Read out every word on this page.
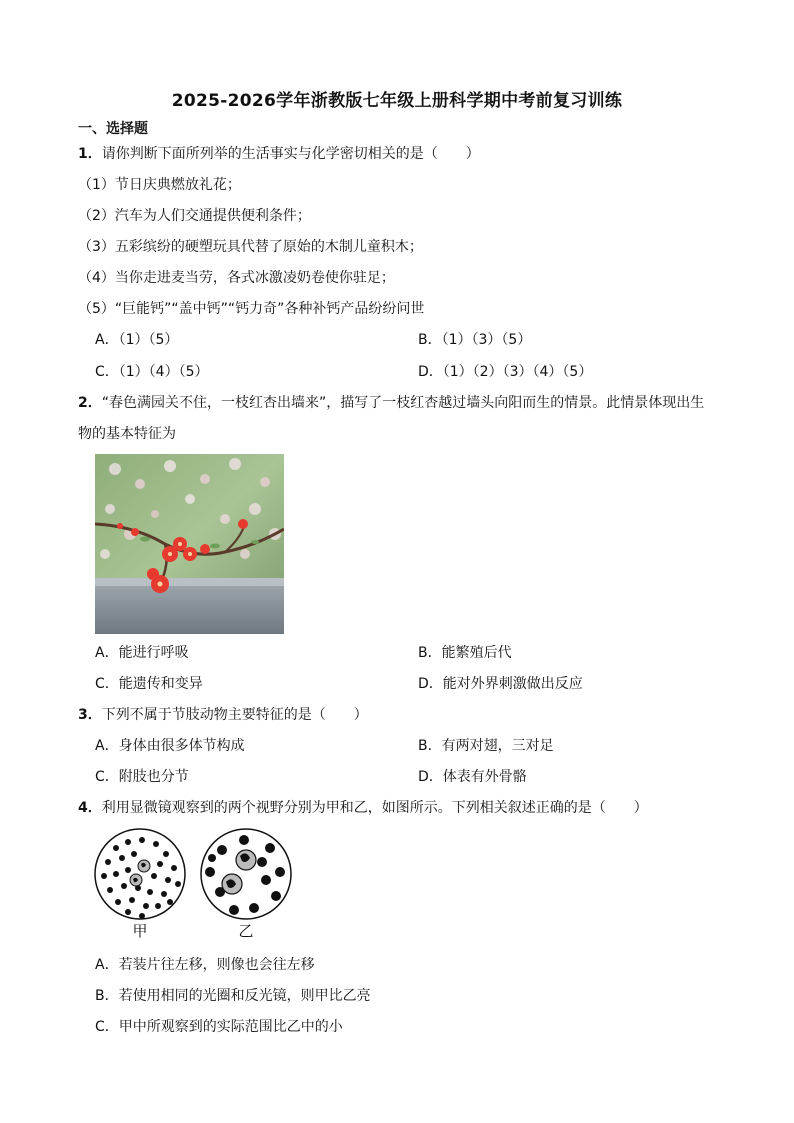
2025-2026学年浙教版七年级上册科学期中考前复习训练
一、选择题
1．请你判断下面所列举的生活事实与化学密切相关的是（　　）
（1）节日庆典燃放礼花；
（2）汽车为人们交通提供便利条件；
（3）五彩缤纷的硬塑玩具代替了原始的木制儿童积木；
（4）当你走进麦当劳，各式冰激凌奶卷使你驻足；
（5）“巨能钙”“盖中钙”“钙力奇”各种补钙产品纷纷问世
A．（1）（5）	B．（1）（3）（5）
C．（1）（4）（5）	D．（1）（2）（3）（4）（5）
2．“春色满园关不住，一枝红杏出墙来”，描写了一枝红杏越过墙头向阳而生的情景。此情景体现出生
物的基本特征为
A．能进行呼吸	B．能繁殖后代
C．能遗传和变异	D．能对外界刺激做出反应
3．下列不属于节肢动物主要特征的是（　　）
A．身体由很多体节构成	B．有两对翅，三对足
C．附肢也分节	D．体表有外骨骼
4．利用显微镜观察到的两个视野分别为甲和乙，如图所示。下列相关叙述正确的是（　　）
甲	乙
A．若装片往左移，则像也会往左移
B．若使用相同的光圈和反光镜，则甲比乙亮
C．甲中所观察到的实际范围比乙中的小
